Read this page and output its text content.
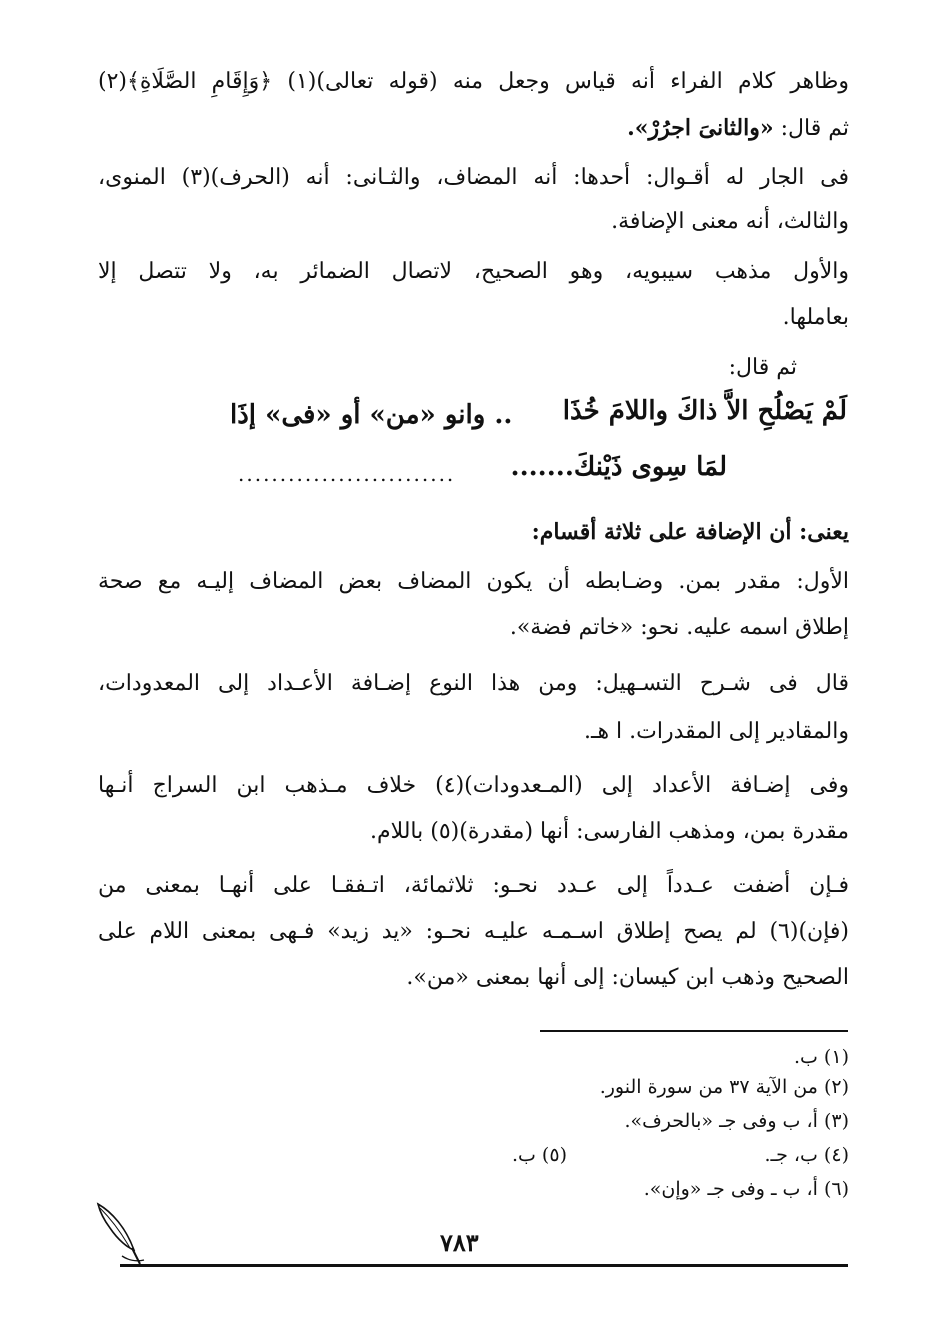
وظاهر كلام الفراء أنه قياس وجعل منه (قوله تعالى)(١) ﴿وَإِقَامِ الصَّلَاةِ﴾(٢)
ثم قال: «والثانىَ اجرُرْ».
فى الجار له أقـوال: أحدها: أنه المضاف، والثـانى: أنه (الحرف)(٣) المنوى،
والثالث، أنه معنى الإضافة.
والأول مذهب سيبويه، وهو الصحيح، لاتصال الضمائر به، ولا تتصل إلا
بعاملها.
ثم قال:
لَمْ يَصْلُحِ الاَّ ذاكَ واللامَ خُذَا
.. وانو «من» أو «فى» إذَا
لمَا سِوى ذَيْنكَ.......
..........................
يعنى: أن الإضافة على ثلاثة أقسام:
الأول: مقدر بمن. وضـابطه أن يكون المضاف بعض المضاف إليـه مع صحة
إطلاق اسمه عليه. نحو: «خاتم فضة».
قال فى شـرح التسـهيل: ومن هذا النوع إضـافة الأعـداد إلى المعدودات،
والمقادير إلى المقدرات. ا هـ.
وفى إضـافة الأعداد إلى (المـعدودات)(٤) خلاف مـذهب ابن السراج أنـها
مقدرة بمن، ومذهب الفارسى: أنها (مقدرة)(٥) باللام.
فـإن أضفت عـدداً إلى عـدد نحـو: ثلاثمائة، اتـفقـا على أنهـا بمعنى من
(فإن)(٦) لم يصح إطلاق اسـمـه عليـه نحـو: «يد زيد» فـهى بمعنى اللام على
الصحيح وذهب ابن كيسان: إلى أنها بمعنى «من».
(١) ب.
(٢) من الآية ٣٧ من سورة النور.
(٣) أ، ب وفى جـ «بالحرف».
(٤) ب، جـ.
(٥) ب.
(٦) أ، ب ـ وفى جـ «وإن».
٧٨٣
